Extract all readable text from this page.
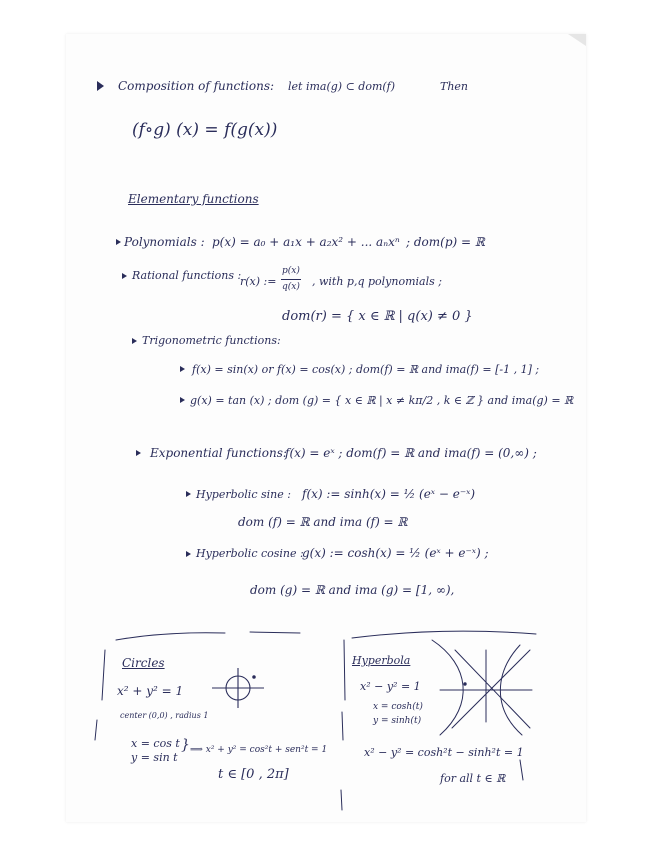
Composition of functions: let ima(g) ⊂ dom(f)	Then
(f∘g) (x) = f(g(x))
Elementary functions
Polynomials : p(x) = a₀ + a₁x + a₂x² + ... aₙxⁿ ; dom(p) = ℝ
Rational functions :
r(x) :=
p(x)
q(x) , with p,q polynomials ;
dom(r) = { x ∈ ℝ | q(x) ≠ 0 }
Trigonometric functions:
f(x) = sin(x) or f(x) = cos(x) ; dom(f) = ℝ and ima(f) = [-1 , 1] ;
g(x) = tan (x) ; dom (g) = { x ∈ ℝ | x ≠ kπ/2 , k ∈ ℤ } and ima(g) = ℝ
Exponential functions:
f(x) = eˣ ; dom(f) = ℝ and ima(f) = (0,∞) ;
Hyperbolic sine : f(x) := sinh(x) = ½ (eˣ − e⁻ˣ)
dom (f) = ℝ and ima (f) = ℝ
Hyperbolic cosine :
g(x) := cosh(x) = ½ (eˣ + e⁻ˣ) ;
dom (g) = ℝ and ima (g) = [1, ∞),
Circles
x² + y² = 1
center (0,0) , radius 1
x = cos t
y = sin t
} ⟹ x² + y² = cos²t + sen²t = 1
t ∈ [0 , 2π]
Hyperbola
x² − y² = 1
x = cosh(t)
y = sinh(t)
x² − y² = cosh²t − sinh²t = 1
for all t ∈ ℝ
